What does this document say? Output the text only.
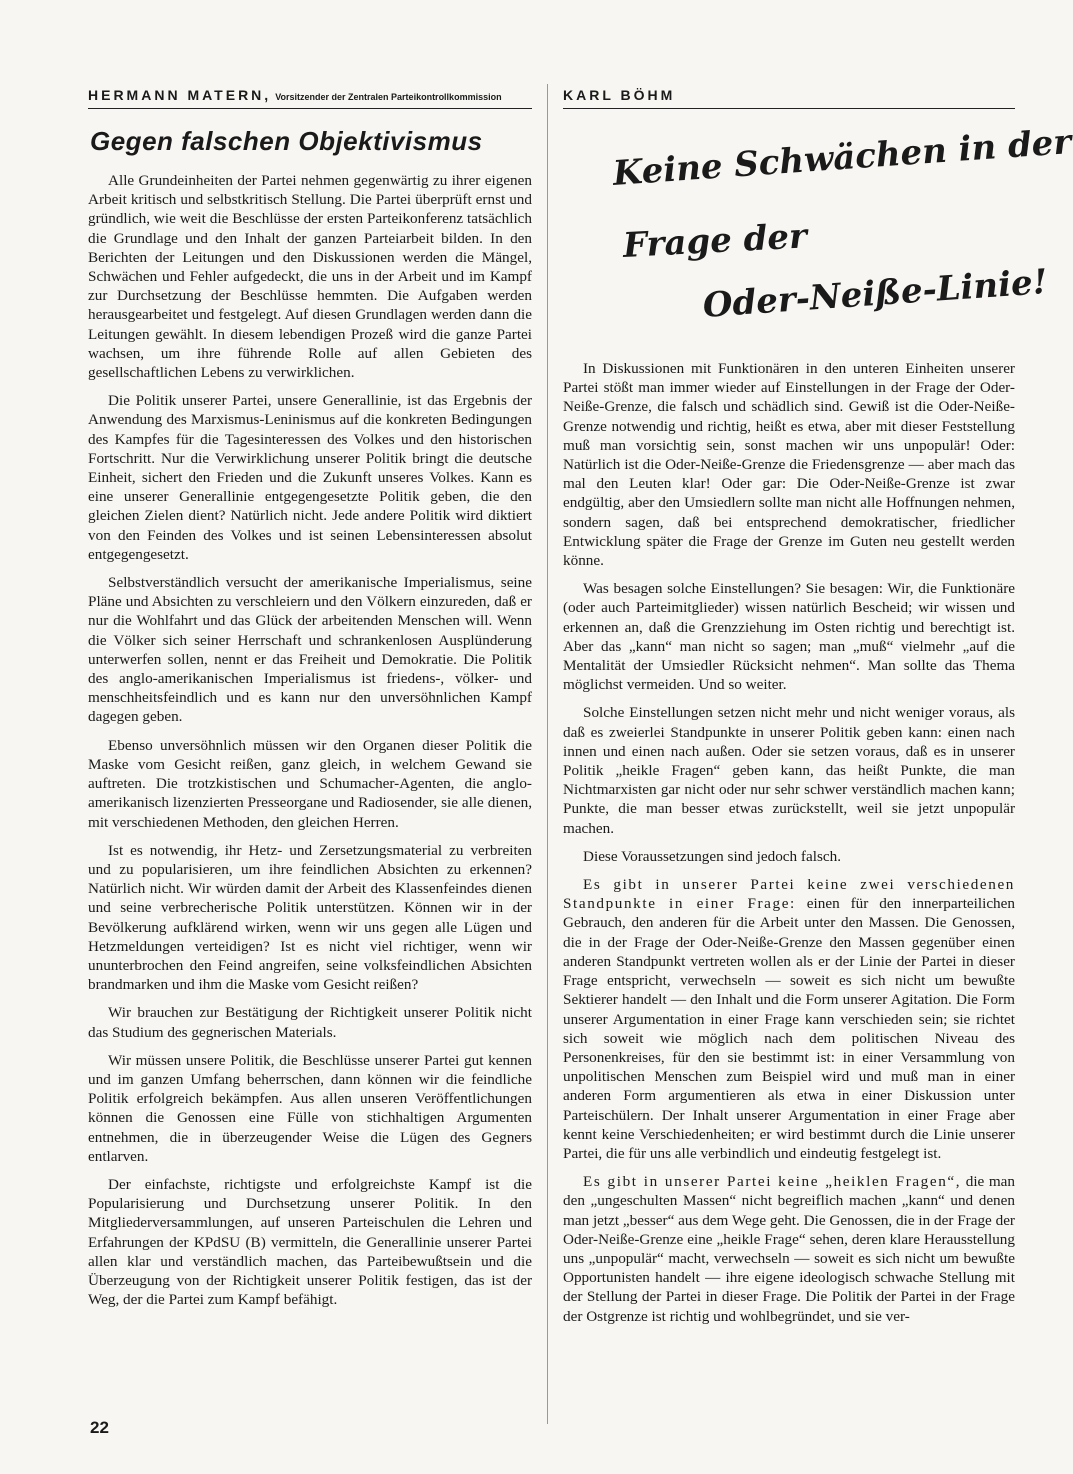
HERMANN MATERN, Vorsitzender der Zentralen Parteikontrollkommission
Gegen falschen Objektivismus

Alle Grundeinheiten der Partei nehmen gegenwärtig zu ihrer eigenen Arbeit kritisch und selbstkritisch Stellung. Die Partei überprüft ernst und gründlich, wie weit die Beschlüsse der ersten Parteikonferenz tatsächlich die Grundlage und den Inhalt der ganzen Parteiarbeit bilden. In den Berichten der Leitungen und den Diskussionen werden die Mängel, Schwächen und Fehler aufgedeckt, die uns in der Arbeit und im Kampf zur Durchsetzung der Beschlüsse hemmten. Die Aufgaben werden herausgearbeitet und festgelegt. Auf diesen Grundlagen werden dann die Leitungen gewählt. In diesem lebendigen Prozeß wird die ganze Partei wachsen, um ihre führende Rolle auf allen Gebieten des gesellschaftlichen Lebens zu verwirklichen.

Die Politik unserer Partei, unsere Generallinie, ist das Ergebnis der Anwendung des Marxismus-Leninismus auf die konkreten Bedingungen des Kampfes für die Tagesinteressen des Volkes und den historischen Fortschritt. Nur die Verwirklichung unserer Politik bringt die deutsche Einheit, sichert den Frieden und die Zukunft unseres Volkes. Kann es eine unserer Generallinie entgegengesetzte Politik geben, die den gleichen Zielen dient? Natürlich nicht. Jede andere Politik wird diktiert von den Feinden des Volkes und ist seinen Lebensinteressen absolut entgegengesetzt.

Selbstverständlich versucht der amerikanische Imperialismus, seine Pläne und Absichten zu verschleiern und den Völkern einzureden, daß er nur die Wohlfahrt und das Glück der arbeitenden Menschen will. Wenn die Völker sich seiner Herrschaft und schrankenlosen Ausplünderung unterwerfen sollen, nennt er das Freiheit und Demokratie. Die Politik des anglo-amerikanischen Imperialismus ist friedens-, völker- und menschheitsfeindlich und es kann nur den unversöhnlichen Kampf dagegen geben.

Ebenso unversöhnlich müssen wir den Organen dieser Politik die Maske vom Gesicht reißen, ganz gleich, in welchem Gewand sie auftreten. Die trotzkistischen und Schumacher-Agenten, die anglo-amerikanisch lizenzierten Presseorgane und Radiosender, sie alle dienen, mit verschiedenen Methoden, den gleichen Herren.

Ist es notwendig, ihr Hetz- und Zersetzungsmaterial zu verbreiten und zu popularisieren, um ihre feindlichen Absichten zu erkennen? Natürlich nicht. Wir würden damit der Arbeit des Klassenfeindes dienen und seine verbrecherische Politik unterstützen. Können wir in der Bevölkerung aufklärend wirken, wenn wir uns gegen alle Lügen und Hetzmeldungen verteidigen? Ist es nicht viel richtiger, wenn wir ununterbrochen den Feind angreifen, seine volksfeindlichen Absichten brandmarken und ihm die Maske vom Gesicht reißen?

Wir brauchen zur Bestätigung der Richtigkeit unserer Politik nicht das Studium des gegnerischen Materials.

Wir müssen unsere Politik, die Beschlüsse unserer Partei gut kennen und im ganzen Umfang beherrschen, dann können wir die feindliche Politik erfolgreich bekämpfen. Aus allen unseren Veröffentlichungen können die Genossen eine Fülle von stichhaltigen Argumenten entnehmen, die in überzeugender Weise die Lügen des Gegners entlarven.

Der einfachste, richtigste und erfolgreichste Kampf ist die Popularisierung und Durchsetzung unserer Politik. In den Mitgliederversammlungen, auf unseren Parteischulen die Lehren und Erfahrungen der KPdSU (B) vermitteln, die Generallinie unserer Partei allen klar und verständlich machen, das Parteibewußtsein und die Überzeugung von der Richtigkeit unserer Politik festigen, das ist der Weg, der die Partei zum Kampf befähigt.

KARL BÖHM
Keine Schwächen in der
Frage der
Oder-Neiße-Linie!

In Diskussionen mit Funktionären in den unteren Einheiten unserer Partei stößt man immer wieder auf Einstellungen in der Frage der Oder-Neiße-Grenze, die falsch und schädlich sind. Gewiß ist die Oder-Neiße-Grenze notwendig und richtig, heißt es etwa, aber mit dieser Feststellung muß man vorsichtig sein, sonst machen wir uns unpopulär! Oder: Natürlich ist die Oder-Neiße-Grenze die Friedensgrenze — aber mach das mal den Leuten klar! Oder gar: Die Oder-Neiße-Grenze ist zwar endgültig, aber den Umsiedlern sollte man nicht alle Hoffnungen nehmen, sondern sagen, daß bei entsprechend demokratischer, friedlicher Entwicklung später die Frage der Grenze im Guten neu gestellt werden könne.

Was besagen solche Einstellungen? Sie besagen: Wir, die Funktionäre (oder auch Parteimitglieder) wissen natürlich Bescheid; wir wissen und erkennen an, daß die Grenzziehung im Osten richtig und berechtigt ist. Aber das „kann“ man nicht so sagen; man „muß“ vielmehr „auf die Mentalität der Umsiedler Rücksicht nehmen“. Man sollte das Thema möglichst vermeiden. Und so weiter.

Solche Einstellungen setzen nicht mehr und nicht weniger voraus, als daß es zweierlei Standpunkte in unserer Politik geben kann: einen nach innen und einen nach außen. Oder sie setzen voraus, daß es in unserer Politik „heikle Fragen“ geben kann, das heißt Punkte, die man Nichtmarxisten gar nicht oder nur sehr schwer verständlich machen kann; Punkte, die man besser etwas zurückstellt, weil sie jetzt unpopulär machen.

Diese Voraussetzungen sind jedoch falsch.

Es gibt in unserer Partei keine zwei verschiedenen Standpunkte in einer Frage: einen für den innerparteilichen Gebrauch, den anderen für die Arbeit unter den Massen. Die Genossen, die in der Frage der Oder-Neiße-Grenze den Massen gegenüber einen anderen Standpunkt vertreten wollen als er der Linie der Partei in dieser Frage entspricht, verwechseln — soweit es sich nicht um bewußte Sektierer handelt — den Inhalt und die Form unserer Agitation. Die Form unserer Argumentation in einer Frage kann verschieden sein; sie richtet sich soweit wie möglich nach dem politischen Niveau des Personenkreises, für den sie bestimmt ist: in einer Versammlung von unpolitischen Menschen zum Beispiel wird und muß man in einer anderen Form argumentieren als etwa in einer Diskussion unter Parteischülern. Der Inhalt unserer Argumentation in einer Frage aber kennt keine Verschiedenheiten; er wird bestimmt durch die Linie unserer Partei, die für uns alle verbindlich und eindeutig festgelegt ist.

Es gibt in unserer Partei keine „heiklen Fragen“, die man den „ungeschulten Massen“ nicht begreiflich machen „kann“ und denen man jetzt „besser“ aus dem Wege geht. Die Genossen, die in der Frage der Oder-Neiße-Grenze eine „heikle Frage“ sehen, deren klare Herausstellung uns „unpopulär“ macht, verwechseln — soweit es sich nicht um bewußte Opportunisten handelt — ihre eigene ideologisch schwache Stellung mit der Stellung der Partei in dieser Frage. Die Politik der Partei in der Frage der Ostgrenze ist richtig und wohlbegründet, und sie ver-

22
